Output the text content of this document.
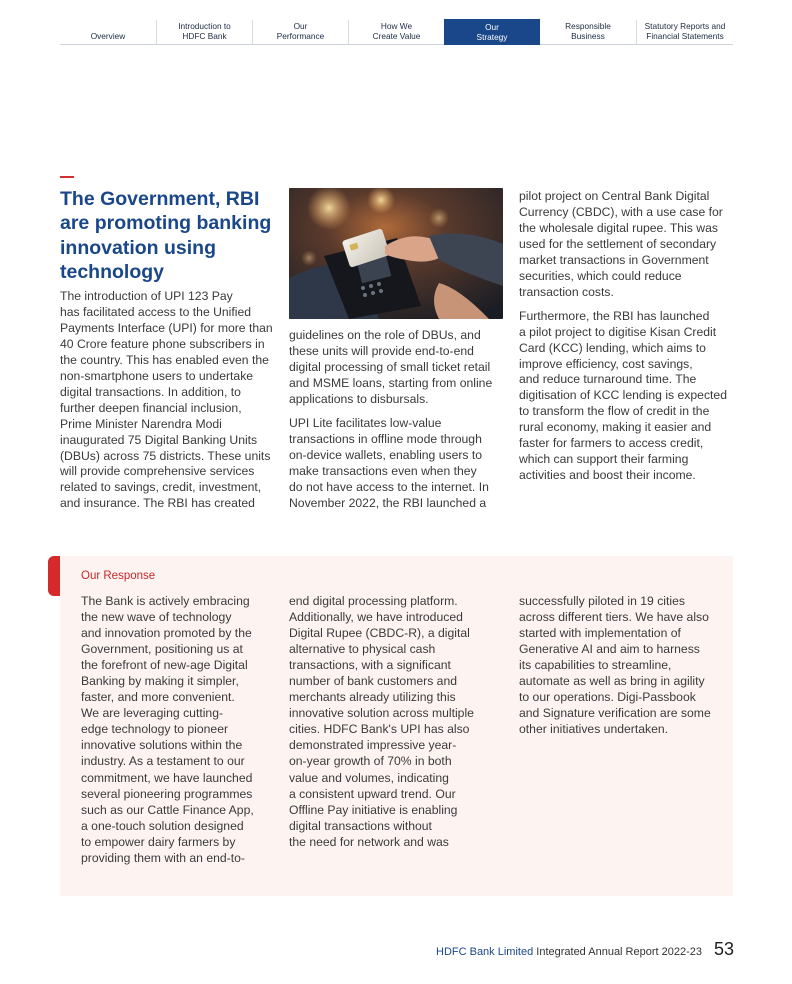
Overview
Introduction to
HDFC Bank
Our
Performance
How We
Create Value
Our
Strategy
Responsible
Business
Statutory Reports and
Financial Statements
The Government, RBI are promoting banking innovation using technology

The introduction of UPI 123 Pay
has facilitated access to the Unified
Payments Interface (UPI) for more than
40 Crore feature phone subscribers in
the country. This has enabled even the
non-smartphone users to undertake
digital transactions. In addition, to
further deepen financial inclusion,
Prime Minister Narendra Modi
inaugurated 75 Digital Banking Units
(DBUs) across 75 districts. These units
will provide comprehensive services
related to savings, credit, investment,
and insurance. The RBI has created

guidelines on the role of DBUs, and
these units will provide end-to-end
digital processing of small ticket retail
and MSME loans, starting from online
applications to disbursals.

UPI Lite facilitates low-value
transactions in offline mode through
on-device wallets, enabling users to
make transactions even when they
do not have access to the internet. In
November 2022, the RBI launched a

pilot project on Central Bank Digital
Currency (CBDC), with a use case for
the wholesale digital rupee. This was
used for the settlement of secondary
market transactions in Government
securities, which could reduce
transaction costs.

Furthermore, the RBI has launched
a pilot project to digitise Kisan Credit
Card (KCC) lending, which aims to
improve efficiency, cost savings,
and reduce turnaround time. The
digitisation of KCC lending is expected
to transform the flow of credit in the
rural economy, making it easier and
faster for farmers to access credit,
which can support their farming
activities and boost their income.

Our Response
The Bank is actively embracing
the new wave of technology
and innovation promoted by the
Government, positioning us at
the forefront of new-age Digital
Banking by making it simpler,
faster, and more convenient.
We are leveraging cutting-
edge technology to pioneer
innovative solutions within the
industry. As a testament to our
commitment, we have launched
several pioneering programmes
such as our Cattle Finance App,
a one-touch solution designed
to empower dairy farmers by
providing them with an end-to-
end digital processing platform.
Additionally, we have introduced
Digital Rupee (CBDC-R), a digital
alternative to physical cash
transactions, with a significant
number of bank customers and
merchants already utilizing this
innovative solution across multiple
cities. HDFC Bank's UPI has also
demonstrated impressive year-
on-year growth of 70% in both
value and volumes, indicating
a consistent upward trend. Our
Offline Pay initiative is enabling
digital transactions without
the need for network and was
successfully piloted in 19 cities
across different tiers. We have also
started with implementation of
Generative AI and aim to harness
its capabilities to streamline,
automate as well as bring in agility
to our operations. Digi-Passbook
and Signature verification are some
other initiatives undertaken.
HDFC Bank Limited Integrated Annual Report 2022-23 53
